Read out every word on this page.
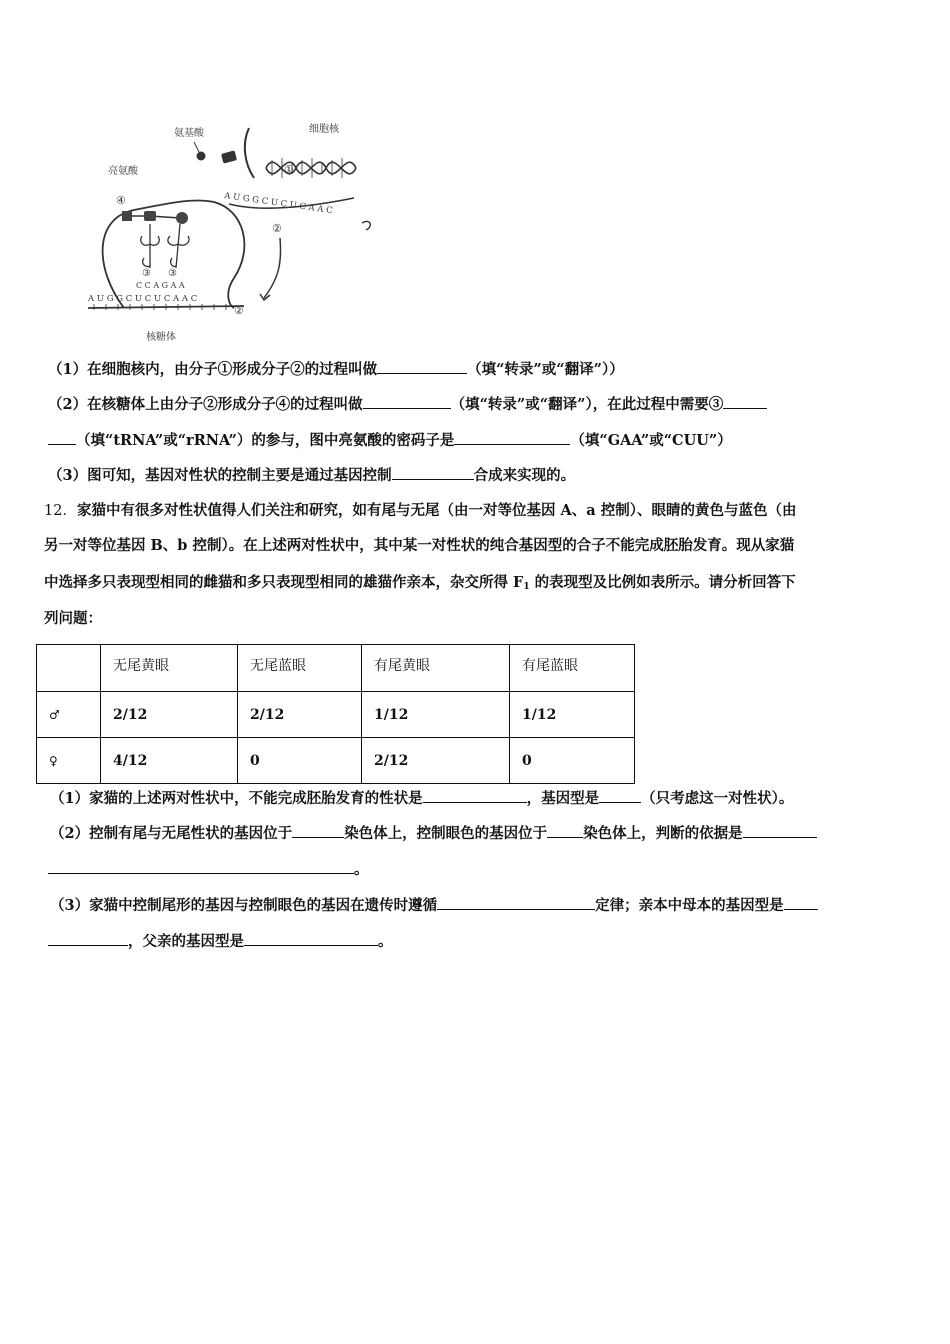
细胞核
①
A U G G C U C U C A A C
②
氨基酸
亮氨酸
④
③ ③
C C A G A A
A U G G C U C U C A A C
②
核糖体
（1）在细胞核内，由分子①形成分子②的过程叫做	（填“转录”或“翻译”））
（2）在核糖体上由分子②形成分子④的过程叫做	（填“转录”或“翻译”），在此过程中需要③
（填“tRNA”或“rRNA”）的参与，图中亮氨酸的密码子是	（填“GAA”或“CUU”）
（3）图可知，基因对性状的控制主要是通过基因控制	合成来实现的。
12．家猫中有很多对性状值得人们关注和研究，如有尾与无尾（由一对等位基因 A、a 控制）、眼睛的黄色与蓝色（由
另一对等位基因 B、b 控制）。在上述两对性状中，其中某一对性状的纯合基因型的合子不能完成胚胎发育。现从家猫
中选择多只表现型相同的雌猫和多只表现型相同的雄猫作亲本，杂交所得 $F_1$ 的表现型及比例如表所示。请分析回答下
列问题：
	无尾黄眼	无尾蓝眼	有尾黄眼	有尾蓝眼
♂	2/12	2/12	1/12	1/12
♀	4/12	0	2/12	0
（1）家猫的上述两对性状中，不能完成胚胎发育的性状是	，基因型是	（只考虑这一对性状）。
（2）控制有尾与无尾性状的基因位于	染色体上，控制眼色的基因位于 染色体上，判断的依据是
。
（3）家猫中控制尾形的基因与控制眼色的基因在遗传时遵循	定律；亲本中母本的基因型是
，父亲的基因型是	。
